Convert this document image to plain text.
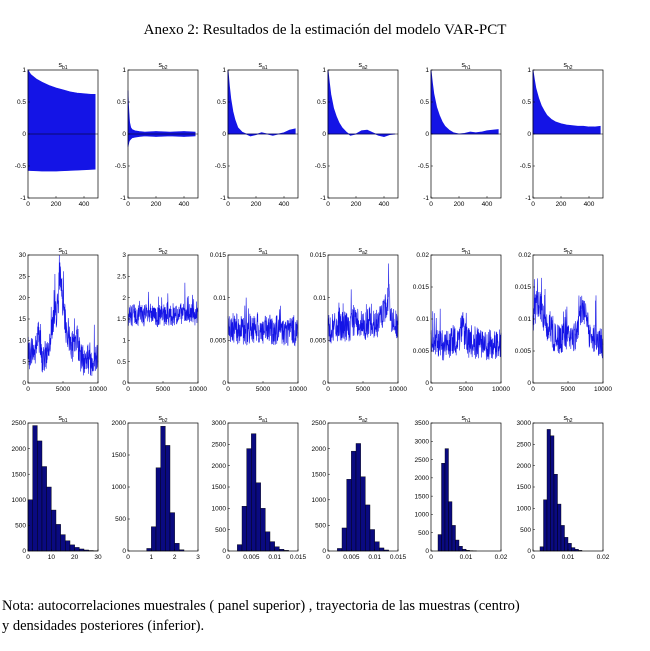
Anexo 2: Resultados de la estimación del modelo VAR-PCT
$s_{b1}$
0	200	400
-1
-0.5
0
0.5
1
$s_{b2}$
0	200	400
-1
-0.5
0
0.5
1
$s_{a1}$
0	200	400
-1
-0.5
0
0.5
1
$s_{a2}$
0	200	400
-1
-0.5
0
0.5
1
$s_{h1}$
0	200	400
-1
-0.5
0
0.5
1
$s_{h2}$
0	200	400
-1
-0.5
0
0.5
1
$s_{b1}$
0	5000	10000
0
5
10
15
20
25
30
$s_{b2}$
0	5000	10000
0
0.5
1
1.5
2
2.5
3
$s_{a1}$
0	5000	10000
0
0.005
0.01
0.015
$s_{a2}$
0	5000	10000
0
0.005
0.01
0.015
$s_{h1}$
0	5000	10000
0
0.005
0.01
0.015
0.02
$s_{h2}$
0	5000	10000
0
0.005
0.01
0.015
0.02
$s_{b1}$
0	10 20 30
0
500
1000
1500
2000
2500
$s_{b2}$
0	1	2	3
0
500
1000
1500
2000
$s_{a1}$
0 0.005 0.01 0.015
0
500
1000
1500
2000
2500
3000
$s_{a2}$
0 0.005 0.01 0.015
0
500
1000
1500
2000
2500
$s_{h1}$
0	0.01	0.02
0
500
1000
1500
2000
2500
3000
3500
$s_{h2}$
0	0.01	0.02
0
500
1000
1500
2000
2500
3000
Nota: autocorrelaciones muestrales ( panel superior) , trayectoria de las muestras (centro)
y densidades posteriores (inferior).
